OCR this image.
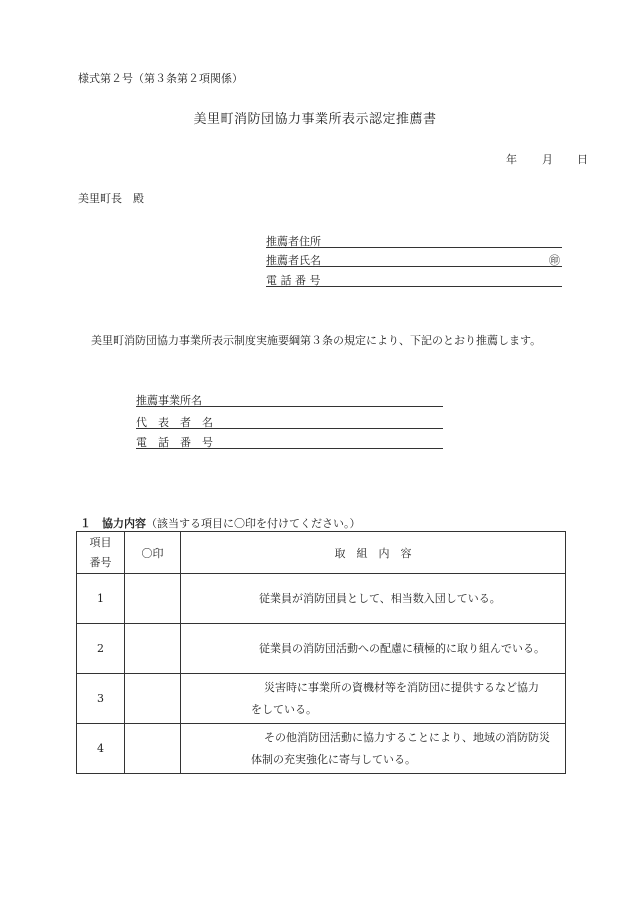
様式第２号（第３条第２項関係）
美里町消防団協力事業所表示認定推薦書
年 月 日
美里町長　殿
推薦者住所
推薦者氏名	㊞
電 話 番 号
美里町消防団協力事業所表示制度実施要綱第３条の規定により、下記のとおり推薦します。
推薦事業所名
代　表　者　名
電　話　番　号
１　協力内容（該当する項目に〇印を付けてください。）
項目
番号	〇印	取　組　内　容
1		従業員が消防団員として、相当数入団している。

2		従業員の消防団活動への配慮に積極的に取り組んでいる。

3		災害時に事業所の資機材等を消防団に提供するなど協力
をしている。

4		その他消防団活動に協力することにより、地域の消防防災
体制の充実強化に寄与している。
